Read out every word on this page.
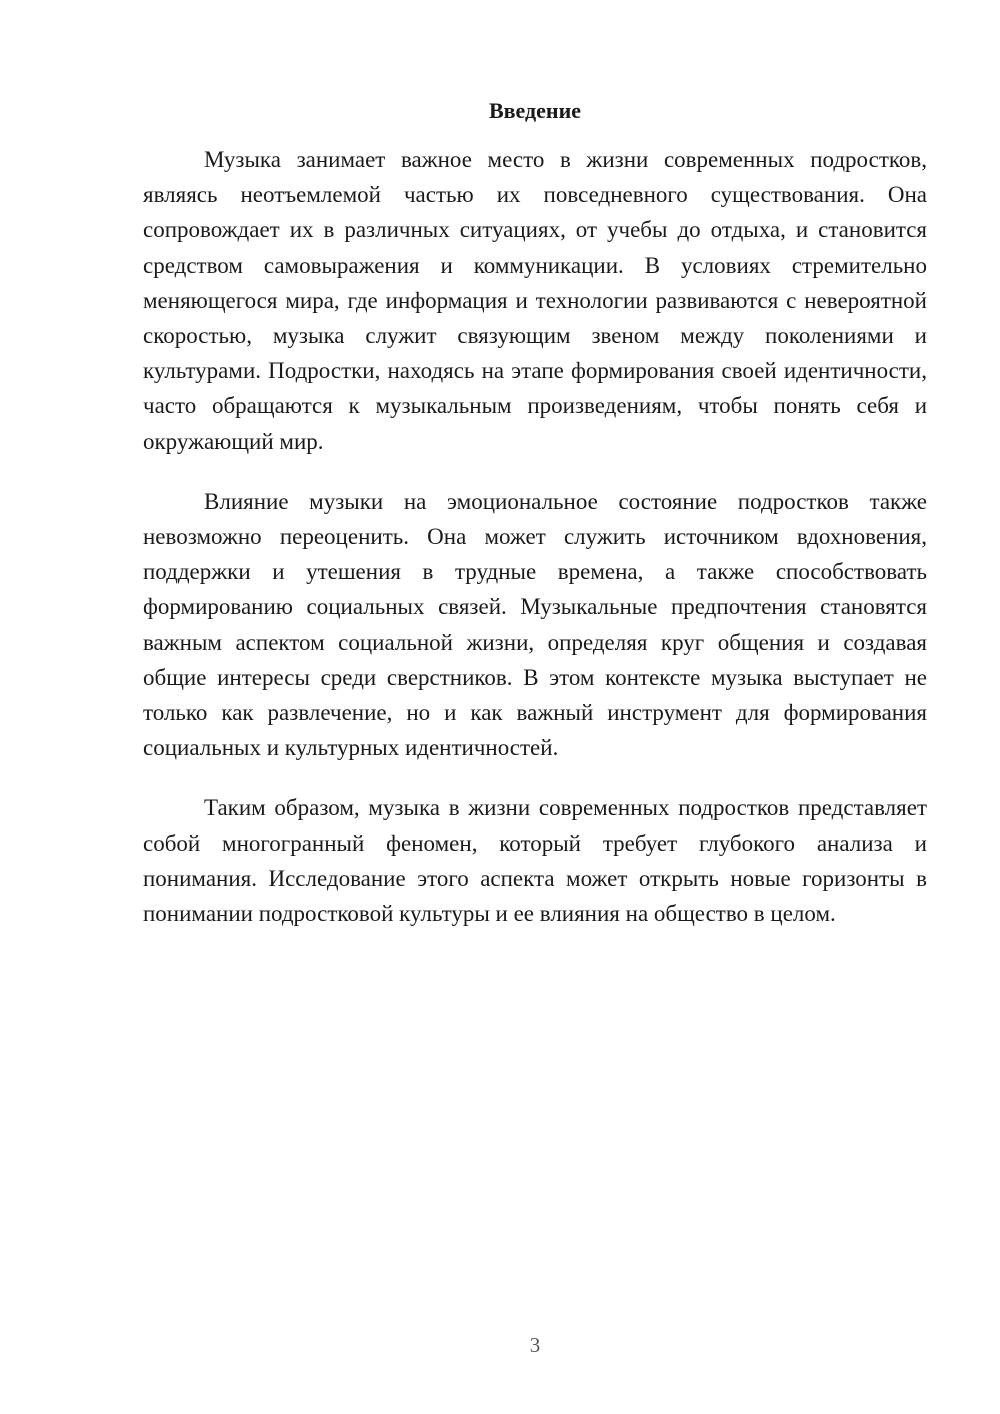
Введение

Музыка занимает важное место в жизни современных подростков, являясь неотъемлемой частью их повседневного существования. Она сопровождает их в различных ситуациях, от учебы до отдыха, и становится средством самовыражения и коммуникации. В условиях стремительно меняющегося мира, где информация и технологии развиваются с невероятной скоростью, музыка служит связующим звеном между поколениями и культурами. Подростки, находясь на этапе формирования своей идентичности, часто обращаются к музыкальным произведениям, чтобы понять себя и окружающий мир.

Влияние музыки на эмоциональное состояние подростков также невозможно переоценить. Она может служить источником вдохновения, поддержки и утешения в трудные времена, а также способствовать формированию социальных связей. Музыкальные предпочтения становятся важным аспектом социальной жизни, определяя круг общения и создавая общие интересы среди сверстников. В этом контексте музыка выступает не только как развлечение, но и как важный инструмент для формирования социальных и культурных идентичностей.

Таким образом, музыка в жизни современных подростков представляет собой многогранный феномен, который требует глубокого анализа и понимания. Исследование этого аспекта может открыть новые горизонты в понимании подростковой культуры и ее влияния на общество в целом.

3
